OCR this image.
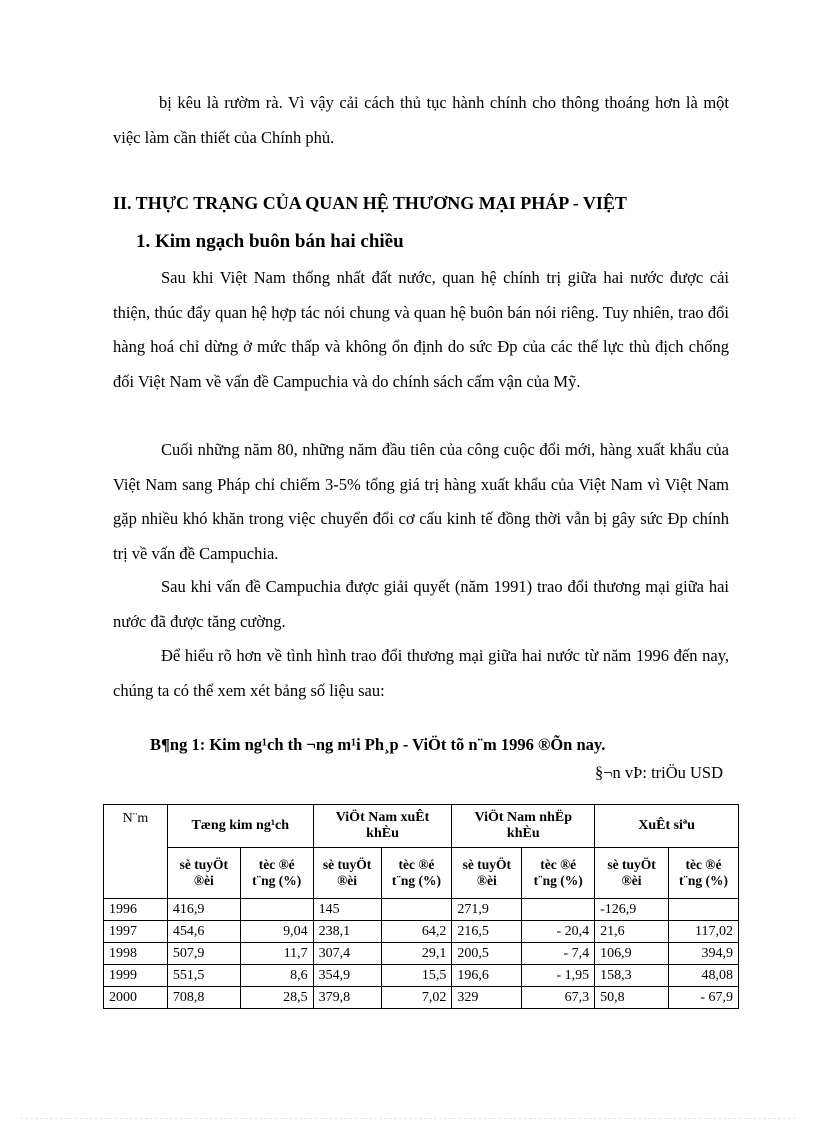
bị kêu là rườm rà. Vì vậy cải cách thủ tục hành chính cho thông thoáng hơn là một việc làm cần thiết của Chính phủ.

II. THỰC TRẠNG CỦA QUAN HỆ THƯƠNG MẠI PHÁP - VIỆT
1. Kim ngạch buôn bán hai chiều

Sau khi Việt Nam thống nhất đất nước, quan hệ chính trị giữa hai nước được cải thiện, thúc đẩy quan hệ hợp tác nói chung và quan hệ buôn bán nói riêng. Tuy nhiên, trao đổi hàng hoá chỉ dừng ở mức thấp và không ổn định do sức Ðp của các thế lực thù địch chống đối Việt Nam về vấn đề Campuchia và do chính sách cấm vận của Mỹ.

Cuối những năm 80, những năm đầu tiên của công cuộc đổi mới, hàng xuất khẩu của Việt Nam sang Pháp chỉ chiếm 3-5% tổng giá trị hàng xuất khẩu của Việt Nam vì Việt Nam gặp nhiều khó khăn trong việc chuyển đổi cơ cấu kinh tế đồng thời vẫn bị gây sức Ðp chính trị về vấn đề Campuchia.

Sau khi vấn đề Campuchia được giải quyết (năm 1991) trao đổi thương mại giữa hai nước đã được tăng cường.

Để hiểu rõ hơn về tình hình trao đổi thương mại giữa hai nước từ năm 1996 đến nay, chúng ta có thể xem xét bảng số liệu sau:

B¶ng 1: Kim ng¹ch th ¬ng m¹i Ph¸p - ViÖt tõ n¨m 1996 ®Õn nay.

§¬n vÞ: triÖu USD

N¨m	Tæng kim ng¹ch		ViÖt Nam xuÊt khÈu		ViÖt Nam nhËp khÈu		XuÊt siªu	
	sè tuyÖt ®èi	tèc ®é t¨ng (%)	sè tuyÖt ®èi	tèc ®é t¨ng (%)	sè tuyÖt ®èi	tèc ®é t¨ng (%)	sè tuyÖt ®èi	tèc ®é t¨ng (%)
1996	416,9		145		271,9		-126,9	
1997	454,6	9,04	238,1	64,2	216,5	- 20,4	21,6	117,02
1998	507,9	11,7	307,4	29,1	200,5	- 7,4	106,9	394,9
1999	551,5	8,6	354,9	15,5	196,6	- 1,95	158,3	48,08
2000	708,8	28,5	379,8	7,02	329	67,3	50,8	- 67,9
